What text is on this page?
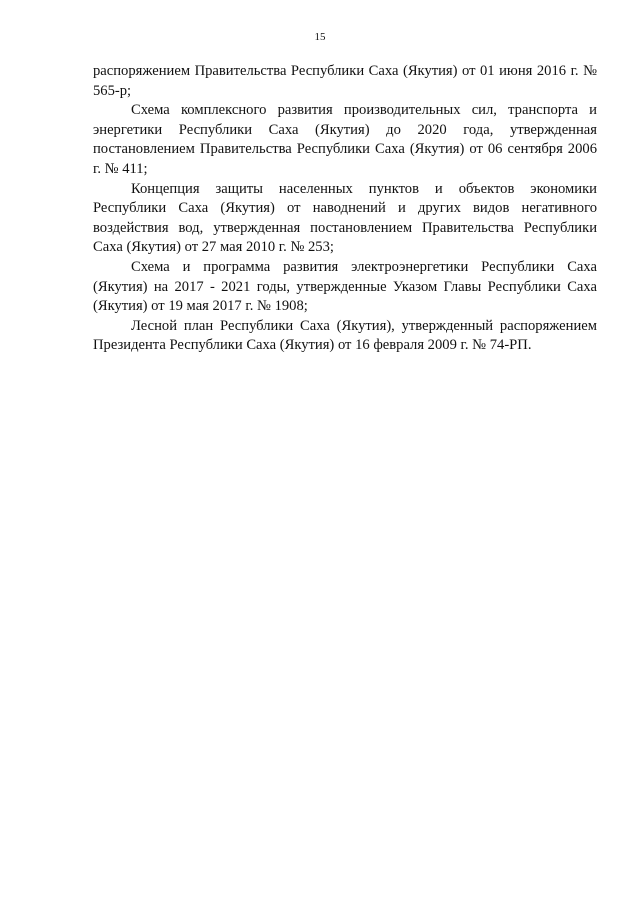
15

распоряжением Правительства Республики Саха (Якутия) от 01 июня 2016 г. № 565-р;

Схема комплексного развития производительных сил, транспорта и энергетики Республики Саха (Якутия) до 2020 года, утвержденная постановлением Правительства Республики Саха (Якутия) от 06 сентября 2006 г. № 411;

Концепция защиты населенных пунктов и объектов экономики Республики Саха (Якутия) от наводнений и других видов негативного воздействия вод, утвержденная постановлением Правительства Республики Саха (Якутия) от 27 мая 2010 г. № 253;

Схема и программа развития электроэнергетики Республики Саха (Якутия) на 2017 - 2021 годы, утвержденные Указом Главы Республики Саха (Якутия) от 19 мая 2017 г. № 1908;

Лесной план Республики Саха (Якутия), утвержденный распоряжением Президента Республики Саха (Якутия) от 16 февраля 2009 г. № 74-РП.
